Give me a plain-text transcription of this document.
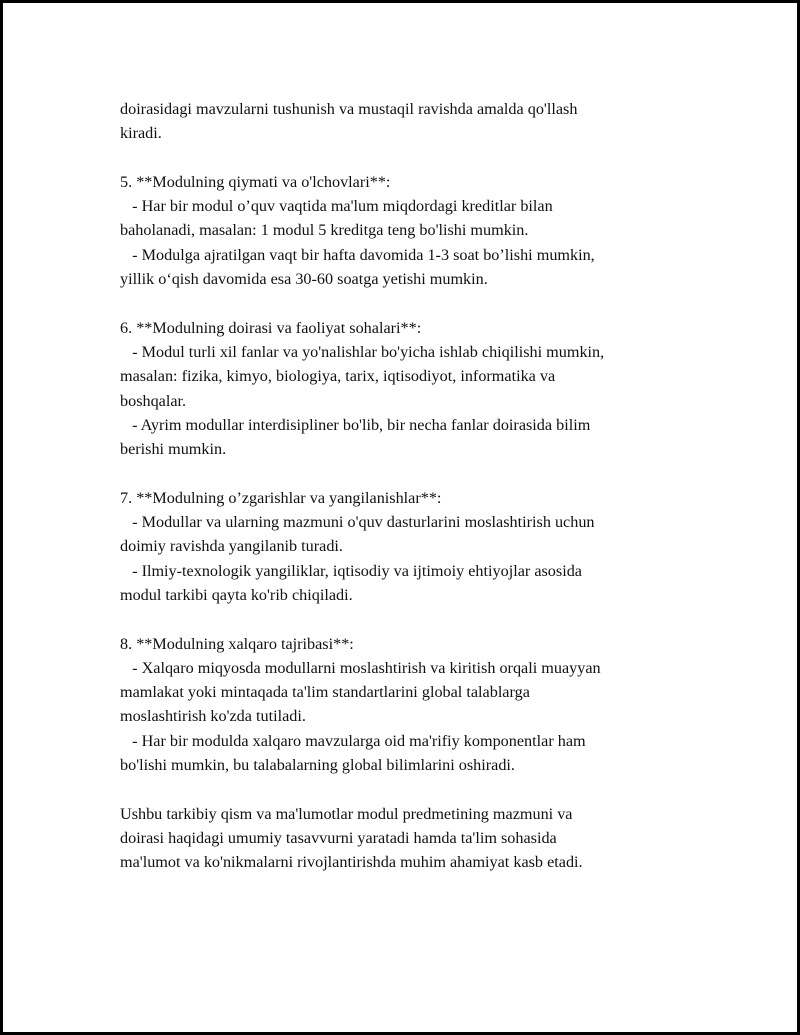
doirasidagi mavzularni tushunish va mustaqil ravishda amalda qo'llash
kiradi.
5. **Modulning qiymati va o'lchovlari**:
- Har bir modul o’quv vaqtida ma'lum miqdordagi kreditlar bilan
baholanadi, masalan: 1 modul 5 kreditga teng bo'lishi mumkin.
- Modulga ajratilgan vaqt bir hafta davomida 1-3 soat bo’lishi mumkin,
yillik o‘qish davomida esa 30-60 soatga yetishi mumkin.
6. **Modulning doirasi va faoliyat sohalari**:
- Modul turli xil fanlar va yo'nalishlar bo'yicha ishlab chiqilishi mumkin,
masalan: fizika, kimyo, biologiya, tarix, iqtisodiyot, informatika va
boshqalar.
- Ayrim modullar interdisipliner bo'lib, bir necha fanlar doirasida bilim
berishi mumkin.
7. **Modulning o’zgarishlar va yangilanishlar**:
- Modullar va ularning mazmuni o'quv dasturlarini moslashtirish uchun
doimiy ravishda yangilanib turadi.
- Ilmiy-texnologik yangiliklar, iqtisodiy va ijtimoiy ehtiyojlar asosida
modul tarkibi qayta ko'rib chiqiladi.
8. **Modulning xalqaro tajribasi**:
- Xalqaro miqyosda modullarni moslashtirish va kiritish orqali muayyan
mamlakat yoki mintaqada ta'lim standartlarini global talablarga
moslashtirish ko'zda tutiladi.
- Har bir modulda xalqaro mavzularga oid ma'rifiy komponentlar ham
bo'lishi mumkin, bu talabalarning global bilimlarini oshiradi.
Ushbu tarkibiy qism va ma'lumotlar modul predmetining mazmuni va
doirasi haqidagi umumiy tasavvurni yaratadi hamda ta'lim sohasida
ma'lumot va ko'nikmalarni rivojlantirishda muhim ahamiyat kasb etadi.
